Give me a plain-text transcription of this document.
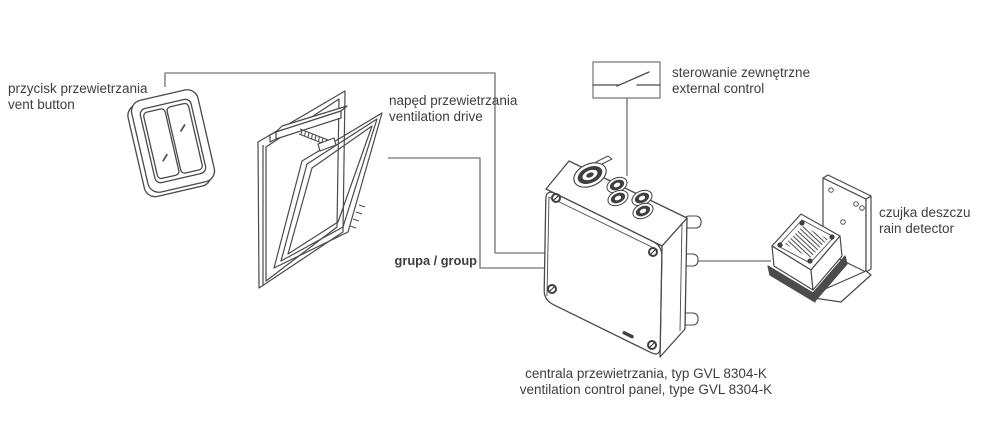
przycisk przewietrzania
vent button	napęd przewietrzania
ventilation drive
sterowanie zewnętrzne
external control
grupa / group
czujka deszczu
rain detector
centrala przewietrzania, typ GVL 8304-K
ventilation control panel, type GVL 8304-K
